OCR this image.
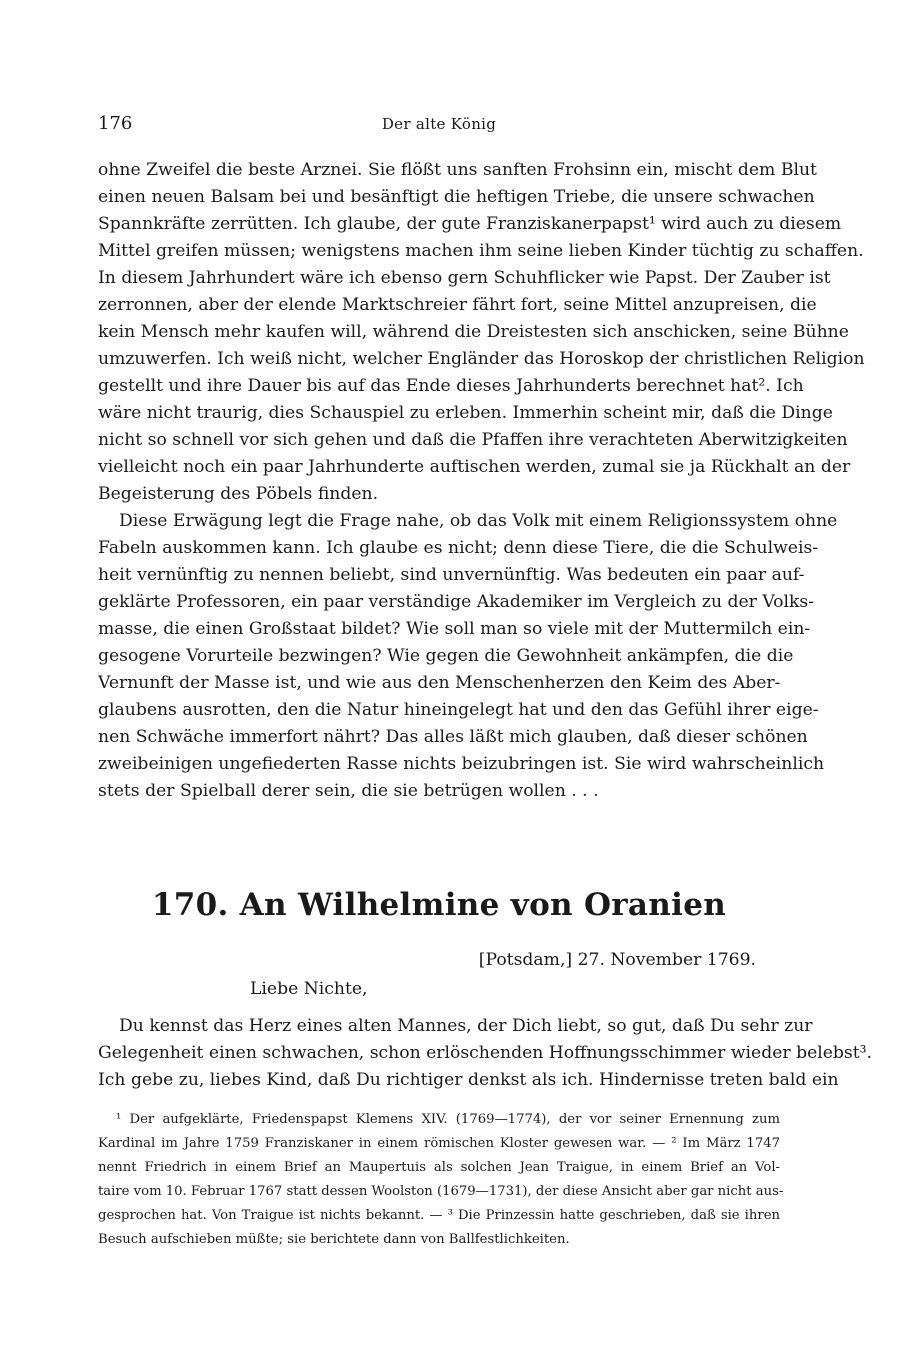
176	Der alte König
ohne Zweifel die beste Arznei. Sie flößt uns sanften Frohsinn ein, mischt dem Blut
einen neuen Balsam bei und besänftigt die heftigen Triebe, die unsere schwachen
Spannkräfte zerrütten. Ich glaube, der gute Franziskanerpapst¹ wird auch zu diesem
Mittel greifen müssen; wenigstens machen ihm seine lieben Kinder tüchtig zu schaffen.
In diesem Jahrhundert wäre ich ebenso gern Schuhflicker wie Papst. Der Zauber ist
zerronnen, aber der elende Marktschreier fährt fort, seine Mittel anzupreisen, die
kein Mensch mehr kaufen will, während die Dreistesten sich anschicken, seine Bühne
umzuwerfen. Ich weiß nicht, welcher Engländer das Horoskop der christlichen Religion
gestellt und ihre Dauer bis auf das Ende dieses Jahrhunderts berechnet hat². Ich
wäre nicht traurig, dies Schauspiel zu erleben. Immerhin scheint mir, daß die Dinge
nicht so schnell vor sich gehen und daß die Pfaffen ihre verachteten Aberwitzigkeiten
vielleicht noch ein paar Jahrhunderte auftischen werden, zumal sie ja Rückhalt an der
Begeisterung des Pöbels finden.
Diese Erwägung legt die Frage nahe, ob das Volk mit einem Religionssystem ohne
Fabeln auskommen kann. Ich glaube es nicht; denn diese Tiere, die die Schulweis-
heit vernünftig zu nennen beliebt, sind unvernünftig. Was bedeuten ein paar auf-
geklärte Professoren, ein paar verständige Akademiker im Vergleich zu der Volks-
masse, die einen Großstaat bildet? Wie soll man so viele mit der Muttermilch ein-
gesogene Vorurteile bezwingen? Wie gegen die Gewohnheit ankämpfen, die die
Vernunft der Masse ist, und wie aus den Menschenherzen den Keim des Aber-
glaubens ausrotten, den die Natur hineingelegt hat und den das Gefühl ihrer eige-
nen Schwäche immerfort nährt? Das alles läßt mich glauben, daß dieser schönen
zweibeinigen ungefiederten Rasse nichts beizubringen ist. Sie wird wahrscheinlich
stets der Spielball derer sein, die sie betrügen wollen . . .
170. An Wilhelmine von Oranien
[Potsdam,] 27. November 1769.
Liebe Nichte,
Du kennst das Herz eines alten Mannes, der Dich liebt, so gut, daß Du sehr zur
Gelegenheit einen schwachen, schon erlöschenden Hoffnungsschimmer wieder belebst³.
Ich gebe zu, liebes Kind, daß Du richtiger denkst als ich. Hindernisse treten bald ein
¹ Der aufgeklärte, Friedenspapst Klemens XIV. (1769—1774), der vor seiner Ernennung zum
Kardinal im Jahre 1759 Franziskaner in einem römischen Kloster gewesen war. — ² Im März 1747
nennt Friedrich in einem Brief an Maupertuis als solchen Jean Traigue, in einem Brief an Vol-
taire vom 10. Februar 1767 statt dessen Woolston (1679—1731), der diese Ansicht aber gar nicht aus-
gesprochen hat. Von Traigue ist nichts bekannt. — ³ Die Prinzessin hatte geschrieben, daß sie ihren
Besuch aufschieben müßte; sie berichtete dann von Ballfestlichkeiten.
